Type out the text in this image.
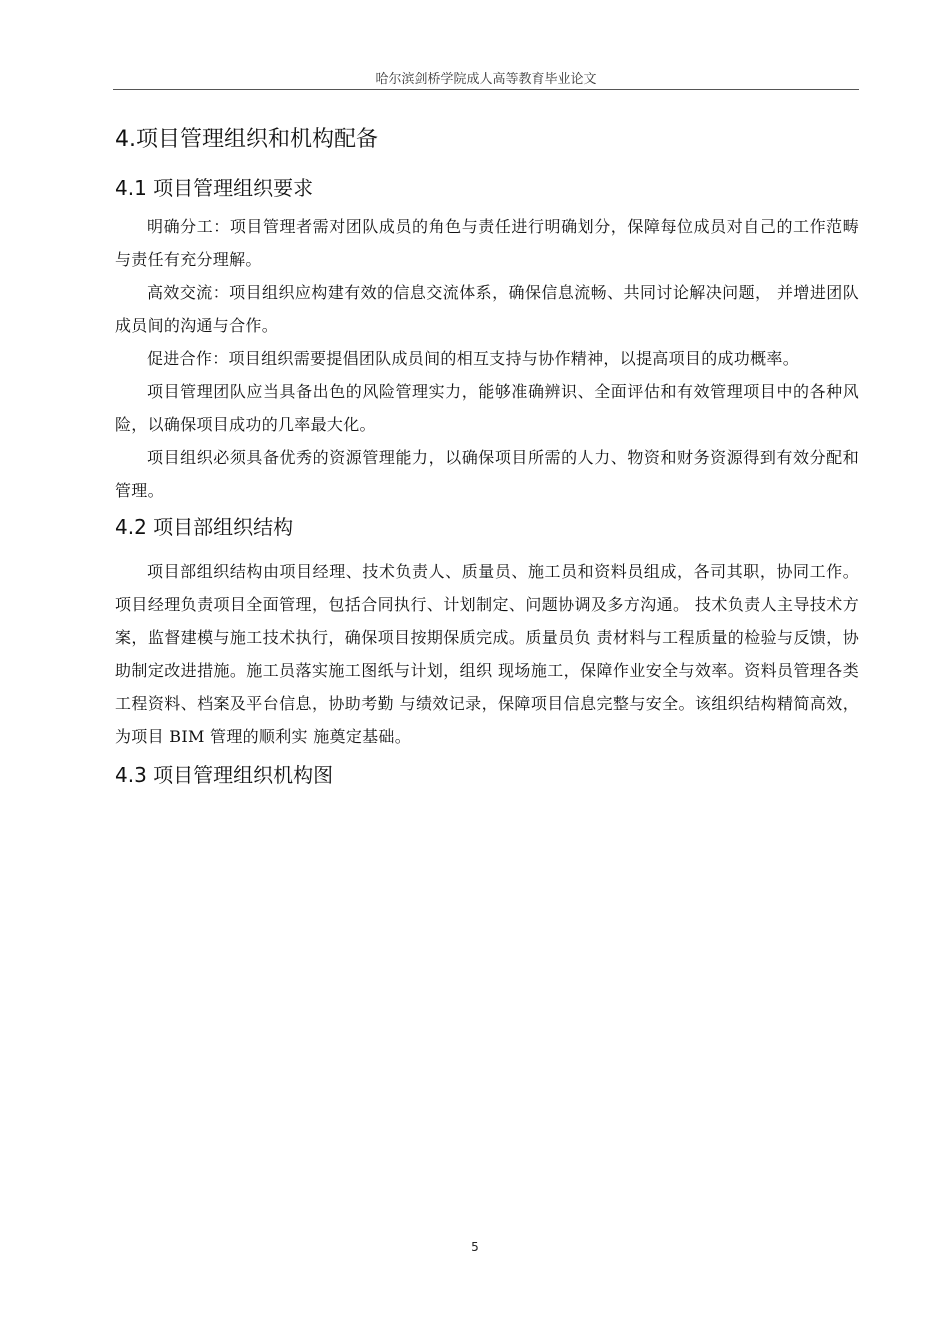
哈尔滨剑桥学院成人高等教育毕业论文
4.项目管理组织和机构配备
4.1 项目管理组织要求

明确分工：项目管理者需对团队成员的角色与责任进行明确划分，保障每位成员对自己的工作范畴与责任有充分理解。

高效交流：项目组织应构建有效的信息交流体系，确保信息流畅、共同讨论解决问题， 并增进团队成员间的沟通与合作。

促进合作：项目组织需要提倡团队成员间的相互支持与协作精神，以提高项目的成功概率。

项目管理团队应当具备出色的风险管理实力，能够准确辨识、全面评估和有效管理项目中的各种风险，以确保项目成功的几率最大化。

项目组织必须具备优秀的资源管理能力，以确保项目所需的人力、物资和财务资源得到有效分配和管理。

4.2 项目部组织结构

项目部组织结构由项目经理、技术负责人、质量员、施工员和资料员组成，各司其职，协同工作。项目经理负责项目全面管理，包括合同执行、计划制定、问题协调及多方沟通。 技术负责人主导技术方案，监督建模与施工技术执行，确保项目按期保质完成。质量员负 责材料与工程质量的检验与反馈，协助制定改进措施。施工员落实施工图纸与计划，组织 现场施工，保障作业安全与效率。资料员管理各类工程资料、档案及平台信息，协助考勤 与绩效记录，保障项目信息完整与安全。该组织结构精简高效，为项目 BIM 管理的顺利实 施奠定基础。

4.3 项目管理组织机构图
5
